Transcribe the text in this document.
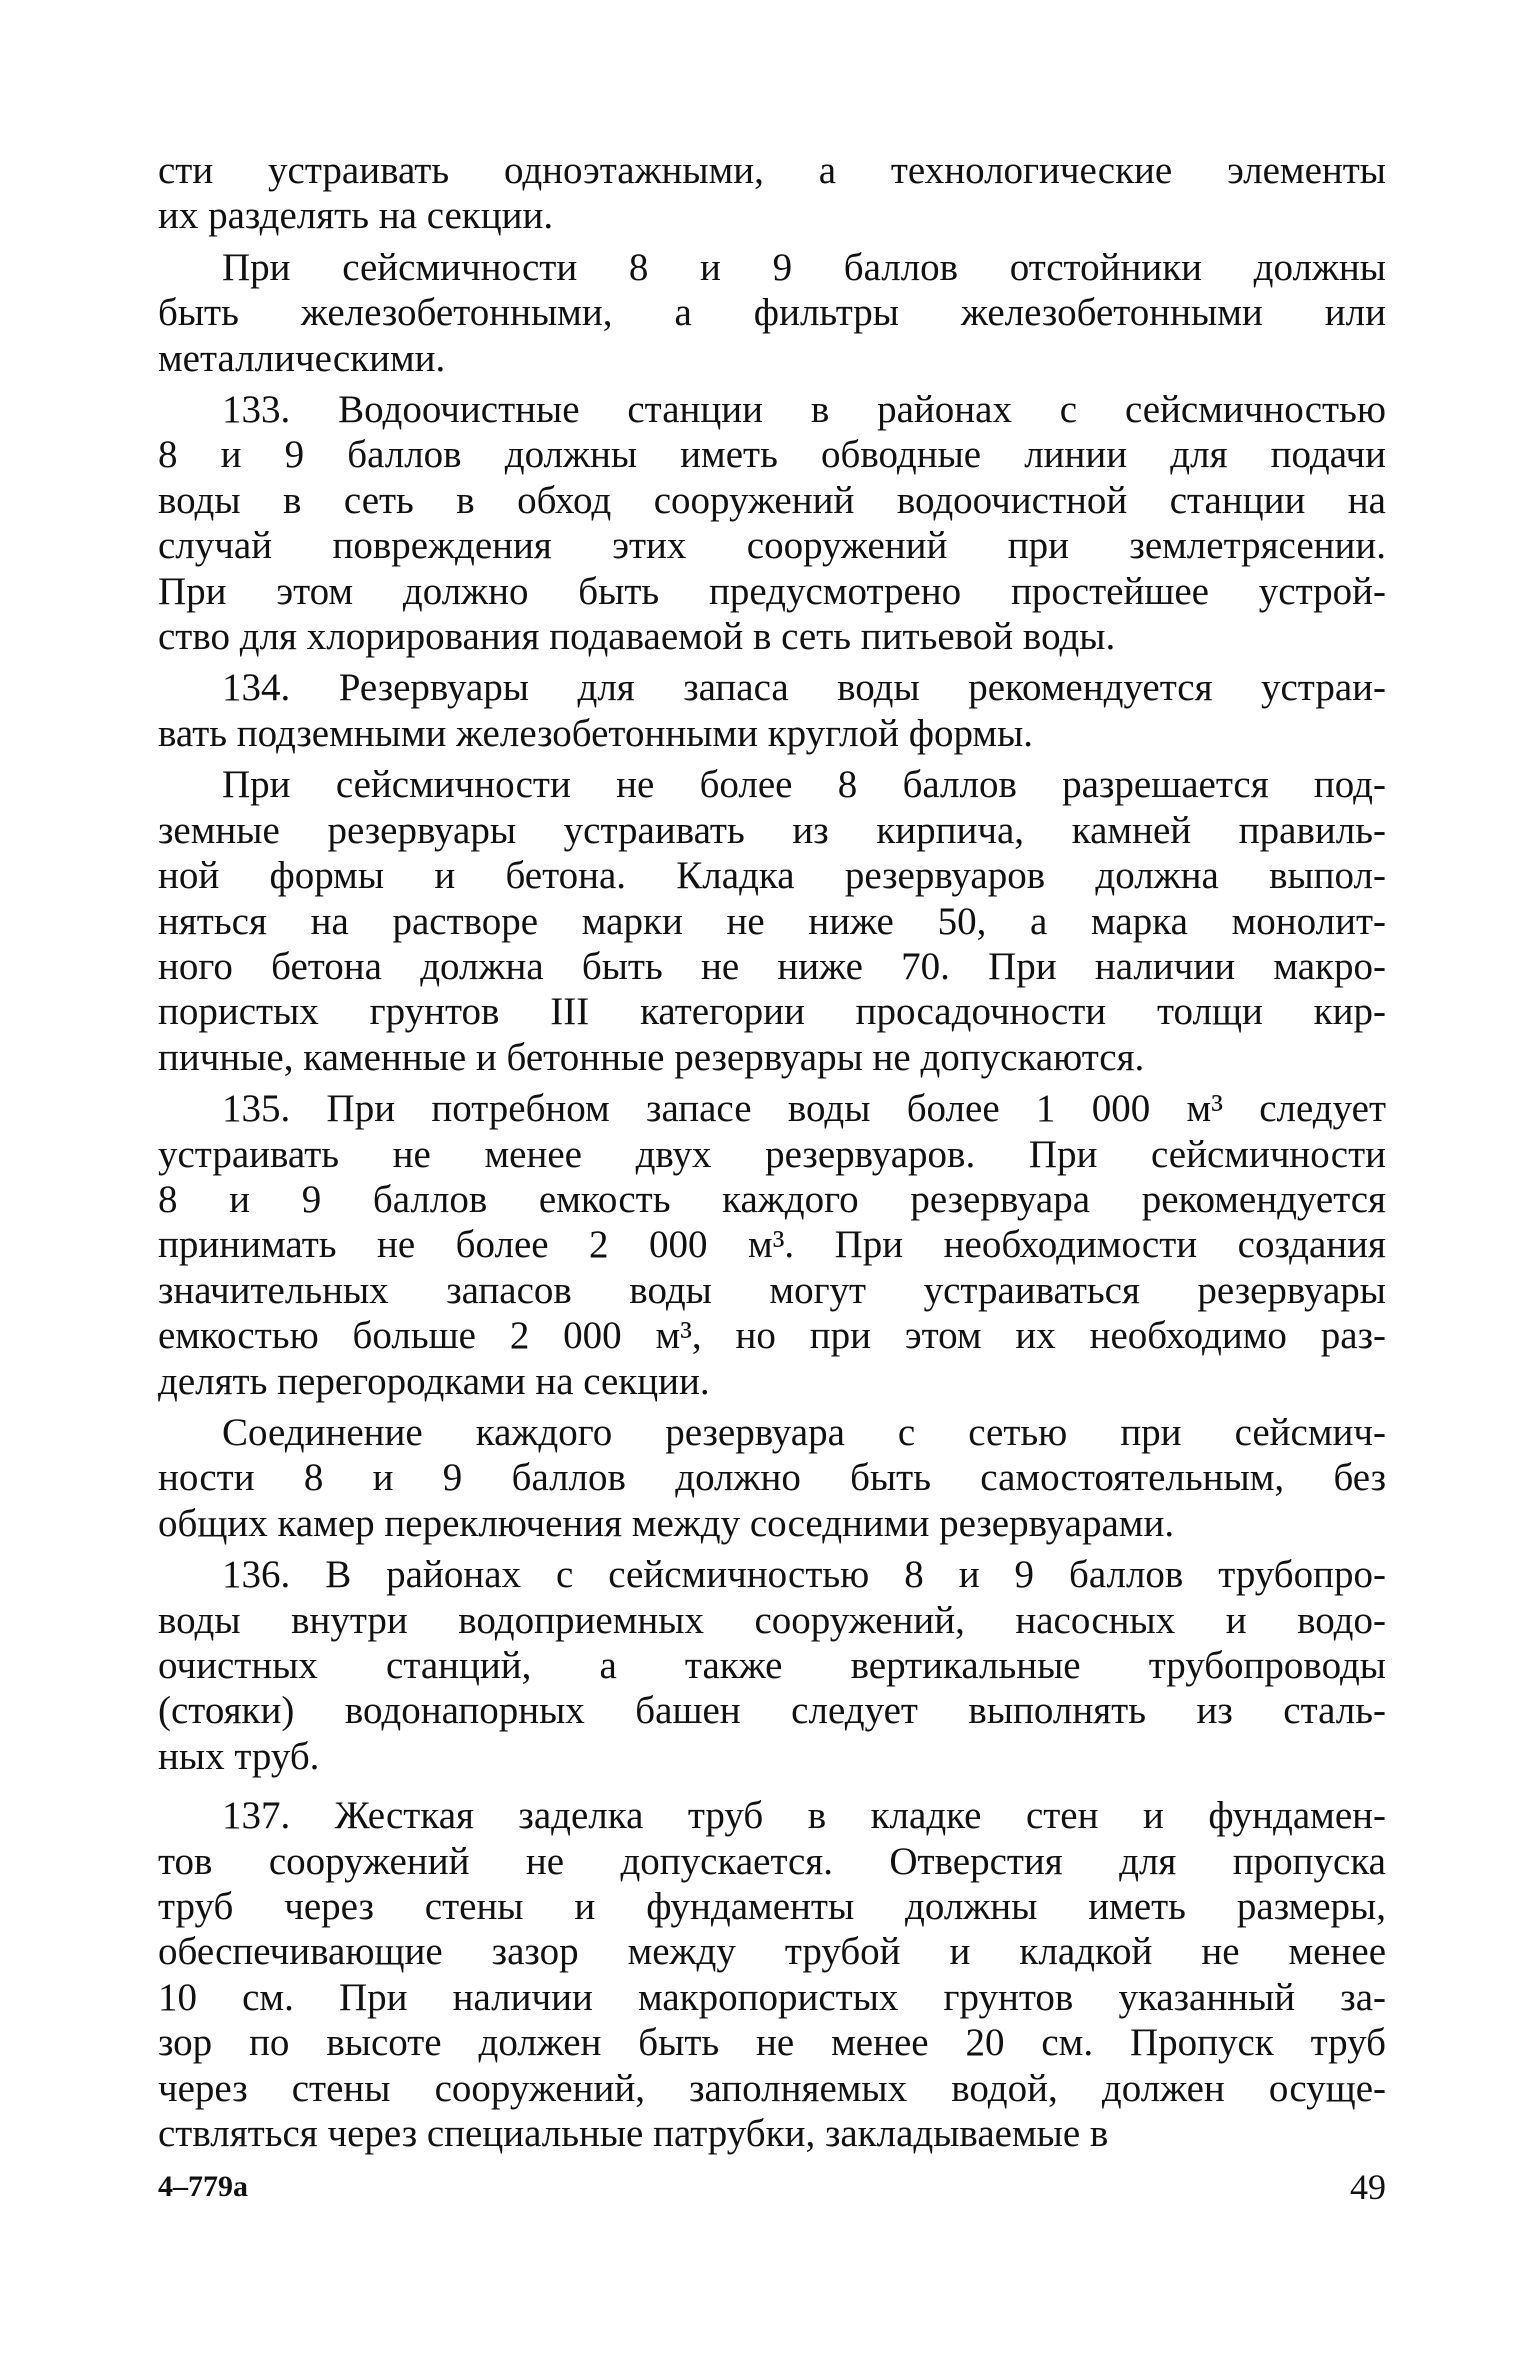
сти устраивать одноэтажными, а технологические элементы
их разделять на секции.
При сейсмичности 8 и 9 баллов отстойники должны
быть железобетонными, а фильтры железобетонными или
металлическими.
133. Водоочистные станции в районах с сейсмичностью
8 и 9 баллов должны иметь обводные линии для подачи
воды в сеть в обход сооружений водоочистной станции на
случай повреждения этих сооружений при землетрясении.
При этом должно быть предусмотрено простейшее устрой-
ство для хлорирования подаваемой в сеть питьевой воды.
134. Резервуары для запаса воды рекомендуется устраи-
вать подземными железобетонными круглой формы.
При сейсмичности не более 8 баллов разрешается под-
земные резервуары устраивать из кирпича, камней правиль-
ной формы и бетона. Кладка резервуаров должна выпол-
няться на растворе марки не ниже 50, а марка монолит-
ного бетона должна быть не ниже 70. При наличии макро-
пористых грунтов III категории просадочности толщи кир-
пичные, каменные и бетонные резервуары не допускаются.
135. При потребном запасе воды более 1 000 м³ следует
устраивать не менее двух резервуаров. При сейсмичности
8 и 9 баллов емкость каждого резервуара рекомендуется
принимать не более 2 000 м³. При необходимости создания
значительных запасов воды могут устраиваться резервуары
емкостью больше 2 000 м³, но при этом их необходимо раз-
делять перегородками на секции.
Соединение каждого резервуара с сетью при сейсмич-
ности 8 и 9 баллов должно быть самостоятельным, без
общих камер переключения между соседними резервуарами.
136. В районах с сейсмичностью 8 и 9 баллов трубопро-
воды внутри водоприемных сооружений, насосных и водо-
очистных станций, а также вертикальные трубопроводы
(стояки) водонапорных башен следует выполнять из сталь-
ных труб.
137. Жесткая заделка труб в кладке стен и фундамен-
тов сооружений не допускается. Отверстия для пропуска
труб через стены и фундаменты должны иметь размеры,
обеспечивающие зазор между трубой и кладкой не менее
10 см. При наличии макропористых грунтов указанный за-
зор по высоте должен быть не менее 20 см. Пропуск труб
через стены сооружений, заполняемых водой, должен осуще-
ствляться через специальные патрубки, закладываемые в
4–779а	49
